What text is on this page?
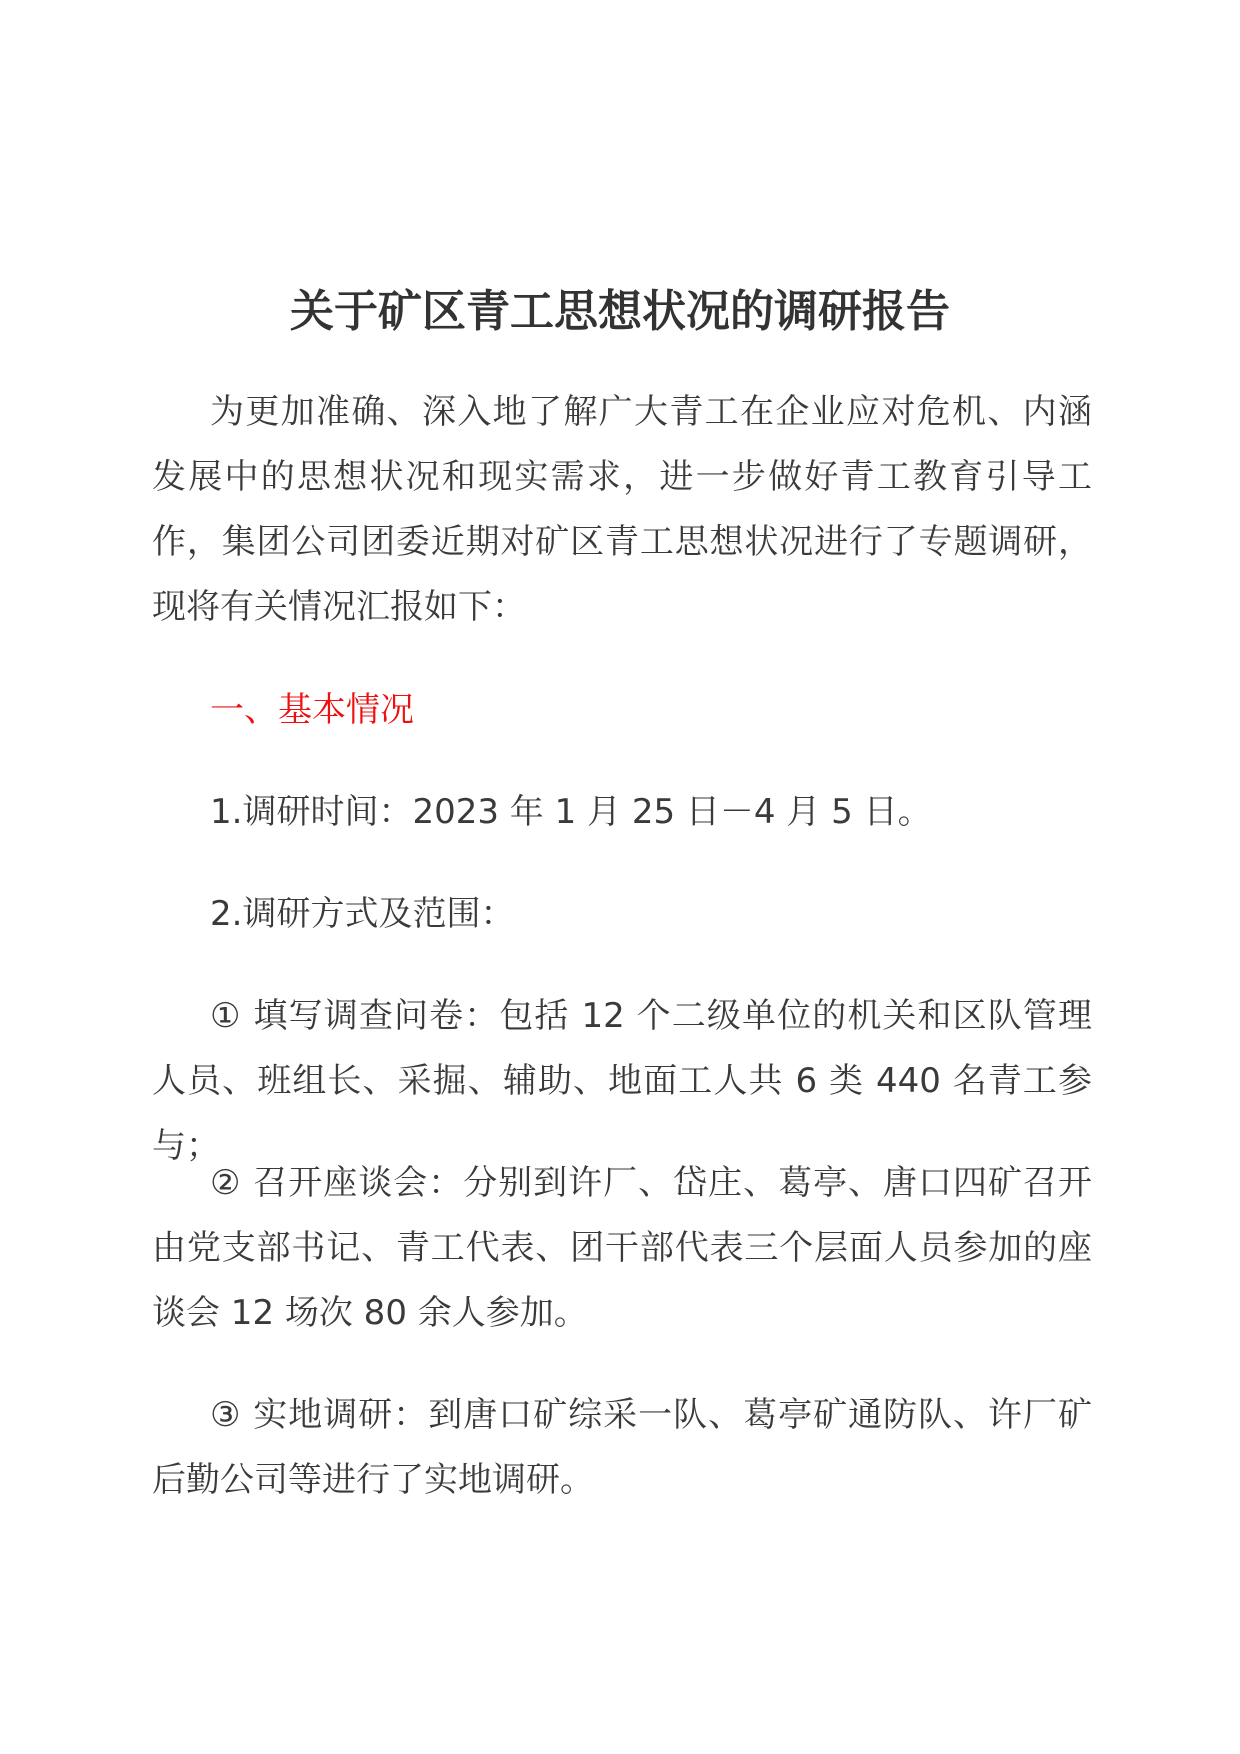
关于矿区青工思想状况的调研报告

为更加准确、深入地了解广大青工在企业应对危机、内涵发展中的思想状况和现实需求，进一步做好青工教育引导工作，集团公司团委近期对矿区青工思想状况进行了专题调研，现将有关情况汇报如下：

一、基本情况

1.调研时间：2023 年 1 月 25 日－4 月 5 日。

2.调研方式及范围：

① 填写调查问卷：包括 12 个二级单位的机关和区队管理人员、班组长、采掘、辅助、地面工人共 6 类 440 名青工参与；

② 召开座谈会：分别到许厂、岱庄、葛亭、唐口四矿召开由党支部书记、青工代表、团干部代表三个层面人员参加的座谈会 12 场次 80 余人参加。

③ 实地调研：到唐口矿综采一队、葛亭矿通防队、许厂矿后勤公司等进行了实地调研。
